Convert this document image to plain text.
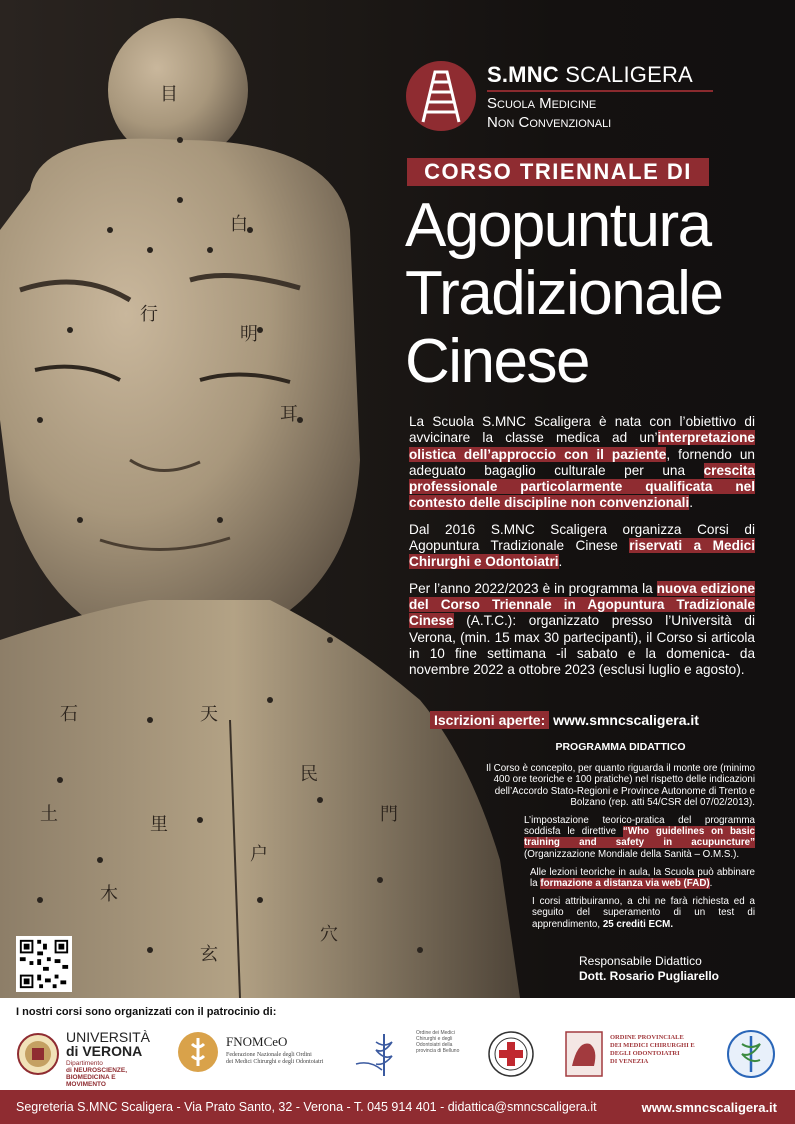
⽬
⽩
明
⾏
⽿
天
⺠
⾥
⼾
⽊
⽳
⽞
⼟	⾨
⽯
S.MNC SCALIGERA
Scuola Medicine
Non Convenzionali
CORSO TRIENNALE DI
Agopuntura
Tradizionale
Cinese

La Scuola S.MNC Scaligera è nata con l’obiettivo di avvicinare la classe medica ad un’interpretazione olistica dell’approccio con il paziente, fornendo un adeguato bagaglio culturale per una crescita professionale particolarmente qualificata nel contesto delle discipline non convenzionali.

Dal 2016 S.MNC Scaligera organizza Corsi di Agopuntura Tradizionale Cinese riservati a Medici Chirurghi e Odontoiatri.

Per l’anno 2022/2023 è in programma la nuova edizione del Corso Triennale in Agopuntura Tradizionale Cinese (A.T.C.): organizzato presso l’Università di Verona, (min. 15 max 30 partecipanti), il Corso si articola in 10 fine settimana -il sabato e la domenica- da novembre 2022 a ottobre 2023 (esclusi luglio e agosto).

Iscrizioni aperte: www.smncscaligera.it
PROGRAMMA DIDATTICO

Il Corso è concepito, per quanto riguarda il monte ore (minimo 400 ore teoriche e 100 pratiche) nel rispetto delle indicazioni dell’Accordo Stato-Regioni e Province Autonome di Trento e Bolzano (rep. atti 54/CSR del 07/02/2013).

L’impostazione teorico-pratica del programma soddisfa le direttive “Who guidelines on basic training and safety in acupuncture” (Organizzazione Mondiale della Sanità – O.M.S.).

Alle lezioni teoriche in aula, la Scuola può abbinare la formazione a distanza via web (FAD).

I corsi attribuiranno, a chi ne farà richiesta ed a seguito del superamento di un test di apprendimento, 25 crediti ECM.

Responsabile Didattico
Dott. Rosario Pugliarello
I nostri corsi sono organizzati con il patrocinio di:
UNIVERSITÀ
di VERONA
Dipartimento
di NEUROSCIENZE,
BIOMEDICINA E MOVIMENTO
FNOMCeO
Federazione Nazionale degli Ordini
dei Medici Chirurghi e degli Odontoiatri
Ordine dei Medici Chirurghi e degli Odontoiatri della provincia di Belluno
ORDINE PROVINCIALE
DEI MEDICI CHIRURGHI E
DEGLI ODONTOIATRI
DI VENEZIA
Segreteria S.MNC Scaligera - Via Prato Santo, 32 - Verona - T. 045 914 401 - didattica@smncscaligera.it	www.smncscaligera.it
